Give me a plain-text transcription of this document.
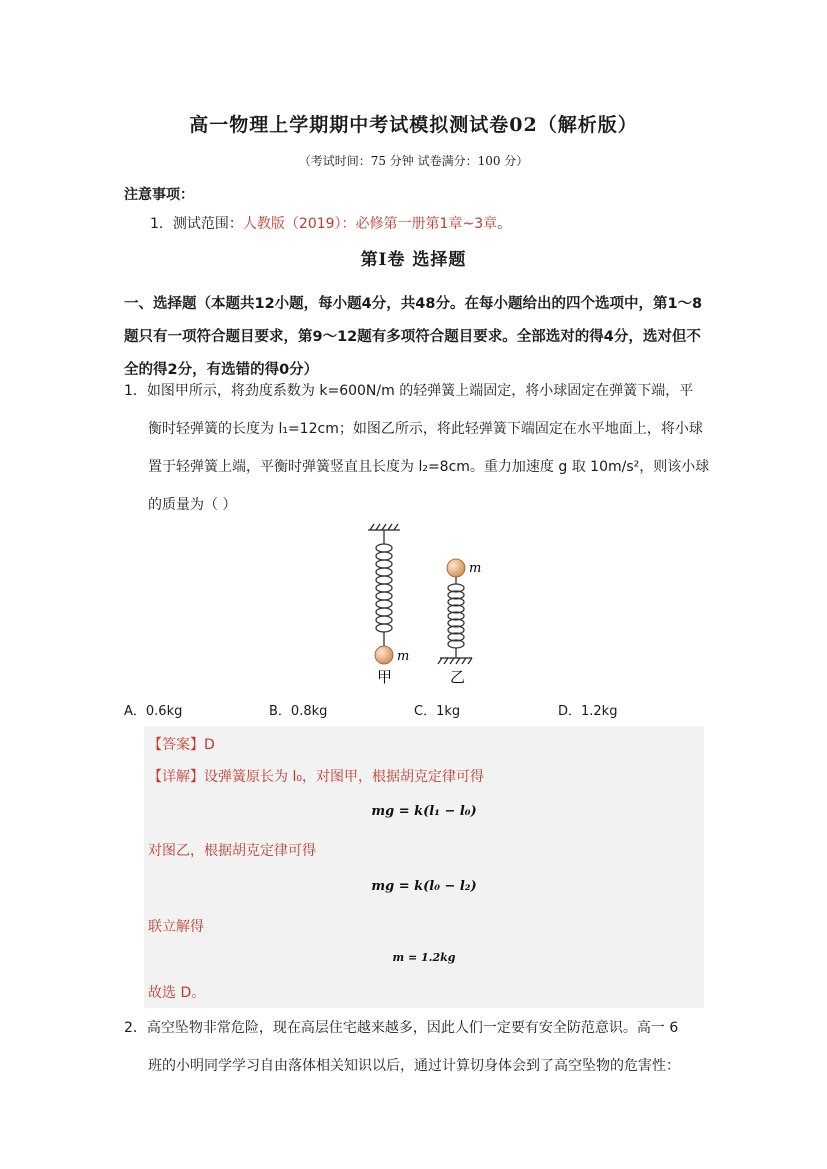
高一物理上学期期中考试模拟测试卷02（解析版）
（考试时间：75 分钟 试卷满分：100 分）
注意事项：
1．测试范围：人教版（2019）：必修第一册第1章~3章。
第Ⅰ卷 选择题
一、选择题（本题共12小题，每小题4分，共48分。在每小题给出的四个选项中，第1～8题只有一项符合题目要求，第9～12题有多项符合题目要求。全部选对的得4分，选对但不全的得2分，有选错的得0分）
1．如图甲所示，将劲度系数为 k=600N/m 的轻弹簧上端固定，将小球固定在弹簧下端，平
衡时轻弹簧的长度为 l₁=12cm；如图乙所示，将此轻弹簧下端固定在水平地面上，将小球
置于轻弹簧上端，平衡时弹簧竖直且长度为 l₂=8cm。重力加速度 g 取 10m/s²，则该小球
的质量为（ ）
m
甲
m
乙
A．0.6kg	B．0.8kg	C．1kg	D．1.2kg
【答案】D
【详解】设弹簧原长为 l₀，对图甲，根据胡克定律可得
mg = k(l₁ − l₀)
对图乙，根据胡克定律可得
mg = k(l₀ − l₂)
联立解得
m = 1.2kg
故选 D。
2．高空坠物非常危险，现在高层住宅越来越多，因此人们一定要有安全防范意识。高一 6
班的小明同学学习自由落体相关知识以后，通过计算切身体会到了高空坠物的危害性：
